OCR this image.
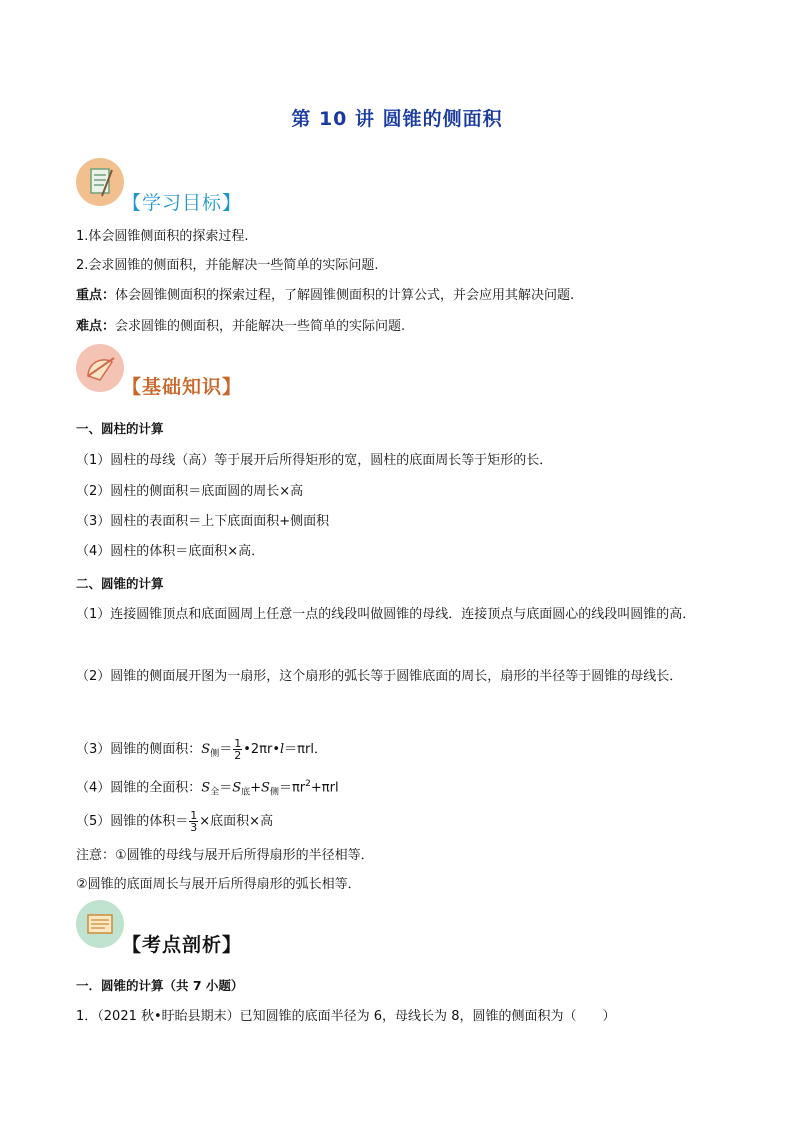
第 10 讲 圆锥的侧面积
【学习目标】
1.体会圆锥侧面积的探索过程.
2.会求圆锥的侧面积，并能解决一些简单的实际问题.
重点：体会圆锥侧面积的探索过程，了解圆锥侧面积的计算公式，并会应用其解决问题.
难点：会求圆锥的侧面积，并能解决一些简单的实际问题.
【基础知识】
一、圆柱的计算
（1）圆柱的母线（高）等于展开后所得矩形的宽，圆柱的底面周长等于矩形的长．
（2）圆柱的侧面积＝底面圆的周长×高
（3）圆柱的表面积＝上下底面面积+侧面积
（4）圆柱的体积＝底面积×高．
二、圆锥的计算
（1）连接圆锥顶点和底面圆周上任意一点的线段叫做圆锥的母线．连接顶点与底面圆心的线段叫圆锥的高．
（2）圆锥的侧面展开图为一扇形，这个扇形的弧长等于圆锥底面的周长，扇形的半径等于圆锥的母线长．
（3）圆锥的侧面积：$S_侧= \frac{1}{2}$ •2πr•l＝πrl．
（4）圆锥的全面积：$S_全=S_底+S_侧=\pi r^2+\pi rl$
（5）圆锥的体积＝ $\frac{1}{3}$ ×底面积×高
注意：①圆锥的母线与展开后所得扇形的半径相等．
②圆锥的底面周长与展开后所得扇形的弧长相等．
【考点剖析】
一．圆锥的计算（共 7 小题）
1．（2021 秋•盱眙县期末）已知圆锥的底面半径为 6，母线长为 8，圆锥的侧面积为（　　）
